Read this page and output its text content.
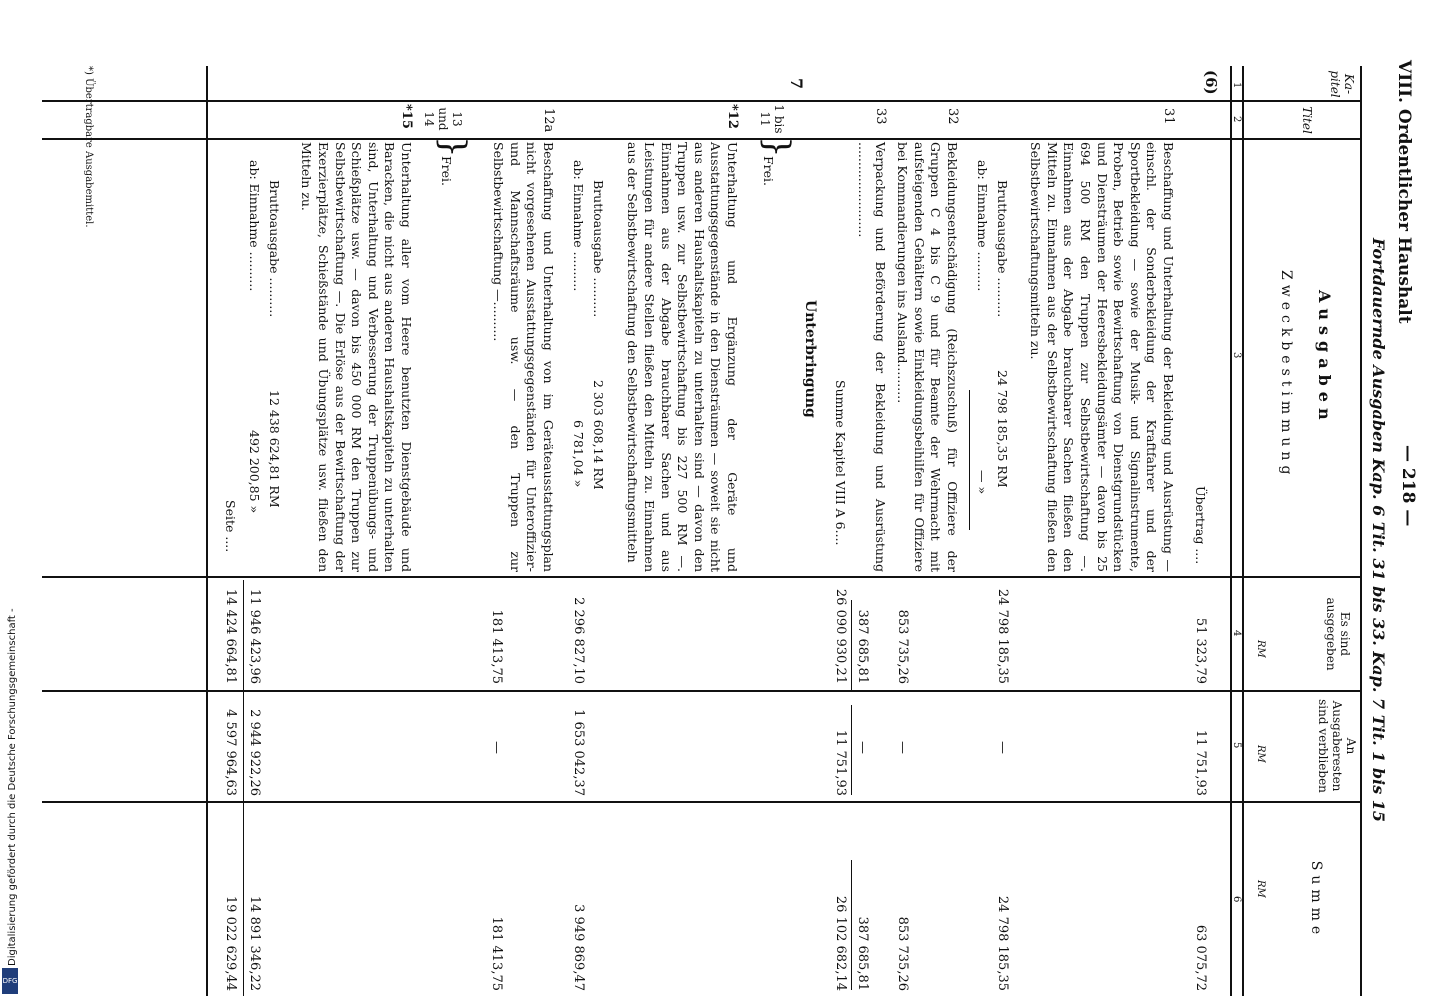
VIII. Ordentlicher Haushalt
— 218 —
Fortdauernde Ausgaben Kap. 6 Tit. 31 bis 33. Kap. 7 Tit. 1 bis 15
Ka- pitel
Titel
Ausgaben
Zweckbestimmung
Es sind ausgegeben
An Ausgaberesten sind verblieben
Summe
RM
RM
RM
1
2
3
4
5
6
(6)
Übertrag ....
51 323,79
11 751,93
63 075,72
31
Beschaffung und Unterhaltung der Bekleidung und Ausrüstung — einschl. der Sonderbekleidung der Kraftfahrer und der Sportbekleidung — sowie der Musik- und Signalinstrumente, Proben, Betrieb sowie Bewirtschaftung von Dienstgrundstücken und Diensträumen der Heeresbekleidungsämter — davon bis 25 694 500 RM den Truppen zur Selbstbewirtschaftung —. Einnahmen aus der Abgabe brauchbarer Sachen fließen den Mitteln zu. Einnahmen aus der Selbstbewirtschaftung fließen den Selbstbewirtschaftungsmitteln zu.
Bruttoausgabe ..........
24 798 185,35 RM
ab: Einnahme ..........
— »
24 798 185,35
—
24 798 185,35
32
Bekleidungsentschädigung (Reichszuschuß) für Offiziere der Gruppen C 4 bis C 9 und für Beamte der Wehrmacht mit aufsteigenden Gehältern sowie Einkleidungsbeihilfen für Offiziere bei Kommandierungen ins Ausland..........
853 735,26
—
853 735,26
33
Verpackung und Beförderung der Bekleidung und Ausrüstung ........................
387 685,81
—
387 685,81
Summe Kapitel VIII A 6....
26 090 930,21
11 751,93
26 102 682,14
7
Unterbringung
1 bis 11
}
Frei.
*12
Unterhaltung und Ergänzung der Geräte und Ausstattungsgegenstände in den Diensträumen — soweit sie nicht aus anderen Haushaltskapiteln zu unterhalten sind — davon den Truppen usw. zur Selbstbewirtschaftung bis 227 500 RM —. Einnahmen aus der Abgabe brauchbarer Sachen und aus Leistungen für andere Stellen fließen den Mitteln zu. Einnahmen aus der Selbstbewirtschaftung den Selbstbewirtschaftungsmitteln
Bruttoausgabe ..........
2 303 608,14 RM
ab: Einnahme ..........
6 781,04 »
2 296 827,10
1 653 042,37
3 949 869,47
12a
Beschaffung und Unterhaltung von im Geräteausstattungsplan nicht vorgesehenen Ausstattungsgegenständen für Unteroffizier- und Mannschaftsräume usw. — den Truppen zur Selbstbewirtschaftung —..........
181 413,75
—
181 413,75
13 und 14
}
Frei.
*15
Unterhaltung aller vom Heere benutzten Dienstgebäude und Baracken, die nicht aus anderen Haushaltskapiteln zu unterhalten sind, Unterhaltung und Verbesserung der Truppenübungs- und Schießplätze usw. — davon bis 450 000 RM den Truppen zur Selbstbewirtschaftung —. Die Erlöse aus der Bewirtschaftung der Exerzierplätze, Schießstände und Übungsplätze usw. fließen den Mitteln zu.
Bruttoausgabe ..........
12 438 624,81 RM
ab: Einnahme ..........
492 200,85 »
11 946 423,96
2 944 922,26
14 891 346,22
Seite ....
14 424 664,81
4 597 964,63
19 022 629,44
*) Übertragbare Ausgabemittel.
Digitalisierung gefördert durch die Deutsche Forschungsgemeinschaft -
DFG
